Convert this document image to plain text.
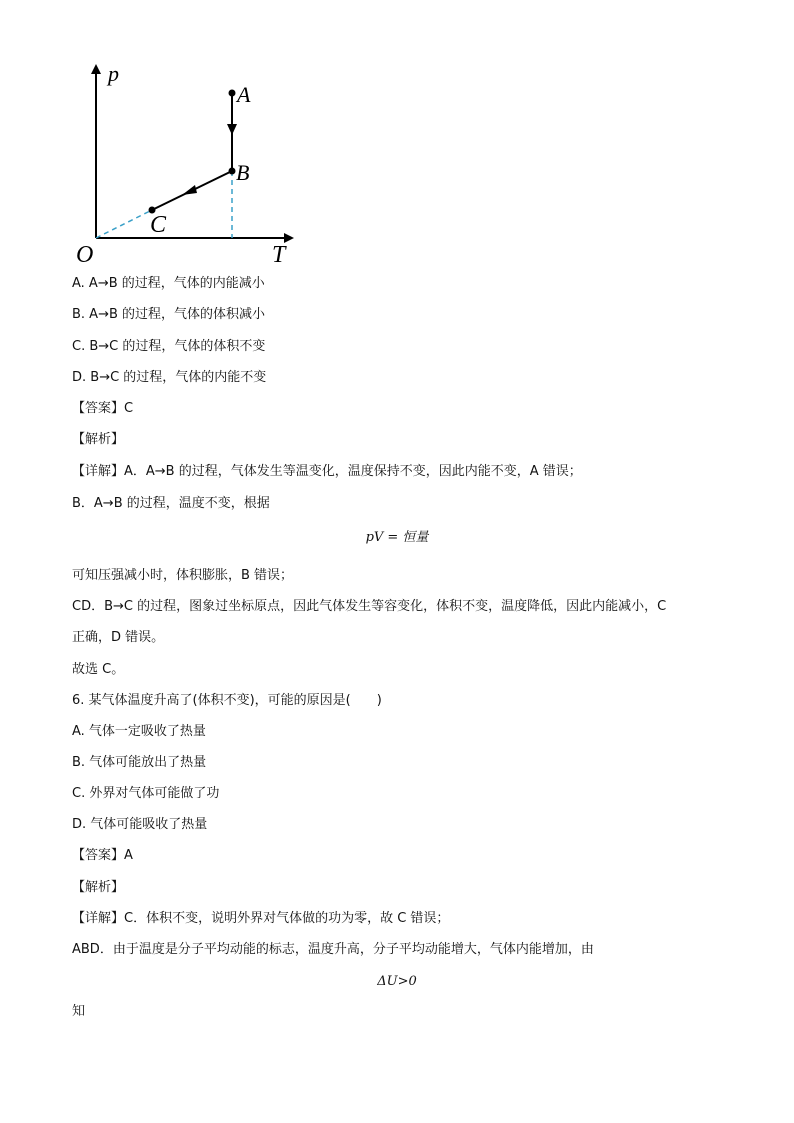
p
T
O
A
B
C
A. A→B 的过程，气体的内能减小
B. A→B 的过程，气体的体积减小
C. B→C 的过程，气体的体积不变
D. B→C 的过程，气体的内能不变
【答案】C
【解析】
【详解】A．A→B 的过程，气体发生等温变化，温度保持不变，因此内能不变，A 错误；
B．A→B 的过程，温度不变，根据
pV = 恒量
可知压强减小时，体积膨胀，B 错误；
CD．B→C 的过程，图象过坐标原点，因此气体发生等容变化，体积不变，温度降低，因此内能减小，C
正确，D 错误。
故选 C。
6. 某气体温度升高了(体积不变)，可能的原因是(　　)
A. 气体一定吸收了热量
B. 气体可能放出了热量
C. 外界对气体可能做了功
D. 气体可能吸收了热量
【答案】A
【解析】
【详解】C．体积不变，说明外界对气体做的功为零，故 C 错误；
ABD．由于温度是分子平均动能的标志，温度升高，分子平均动能增大，气体内能增加，由
ΔU>0
知
